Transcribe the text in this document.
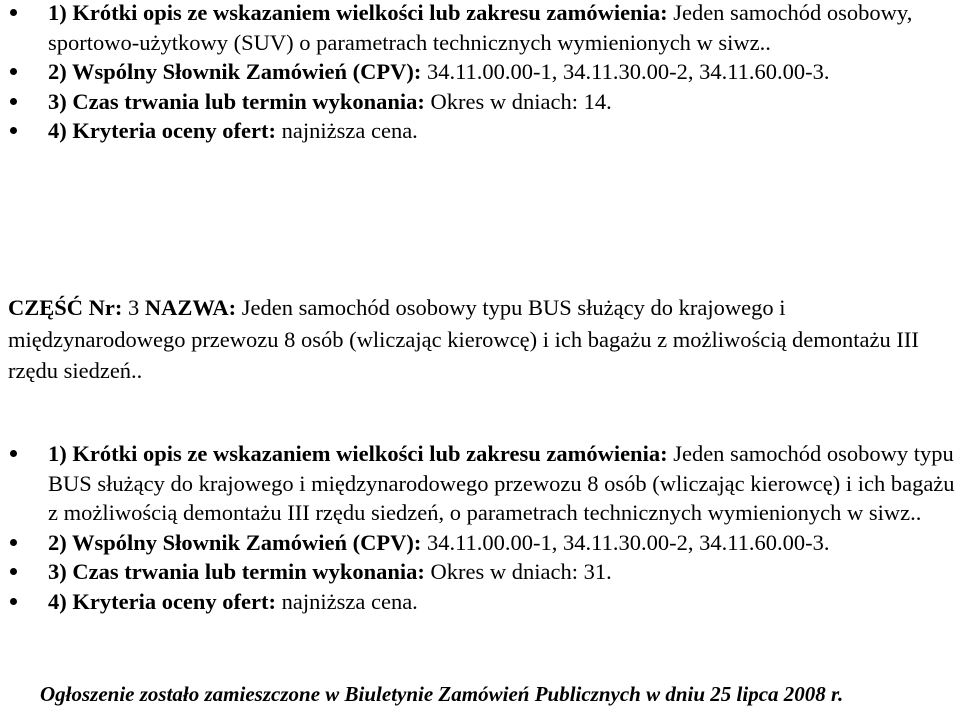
1) Krótki opis ze wskazaniem wielkości lub zakresu zamówienia: Jeden samochód osobowy, sportowo-użytkowy (SUV) o parametrach technicznych wymienionych w siwz..
2) Wspólny Słownik Zamówień (CPV): 34.11.00.00-1, 34.11.30.00-2, 34.11.60.00-3.
3) Czas trwania lub termin wykonania: Okres w dniach: 14.
4) Kryteria oceny ofert: najniższa cena.

CZĘŚĆ Nr: 3 NAZWA: Jeden samochód osobowy typu BUS służący do krajowego i międzynarodowego przewozu 8 osób (wliczając kierowcę) i ich bagażu z możliwością demontażu III rzędu siedzeń..

1) Krótki opis ze wskazaniem wielkości lub zakresu zamówienia: Jeden samochód osobowy typu BUS służący do krajowego i międzynarodowego przewozu 8 osób (wliczając kierowcę) i ich bagażu z możliwością demontażu III rzędu siedzeń, o parametrach technicznych wymienionych w siwz..
2) Wspólny Słownik Zamówień (CPV): 34.11.00.00-1, 34.11.30.00-2, 34.11.60.00-3.
3) Czas trwania lub termin wykonania: Okres w dniach: 31.
4) Kryteria oceny ofert: najniższa cena.

Ogłoszenie zostało zamieszczone w Biuletynie Zamówień Publicznych w dniu 25 lipca 2008 r.
